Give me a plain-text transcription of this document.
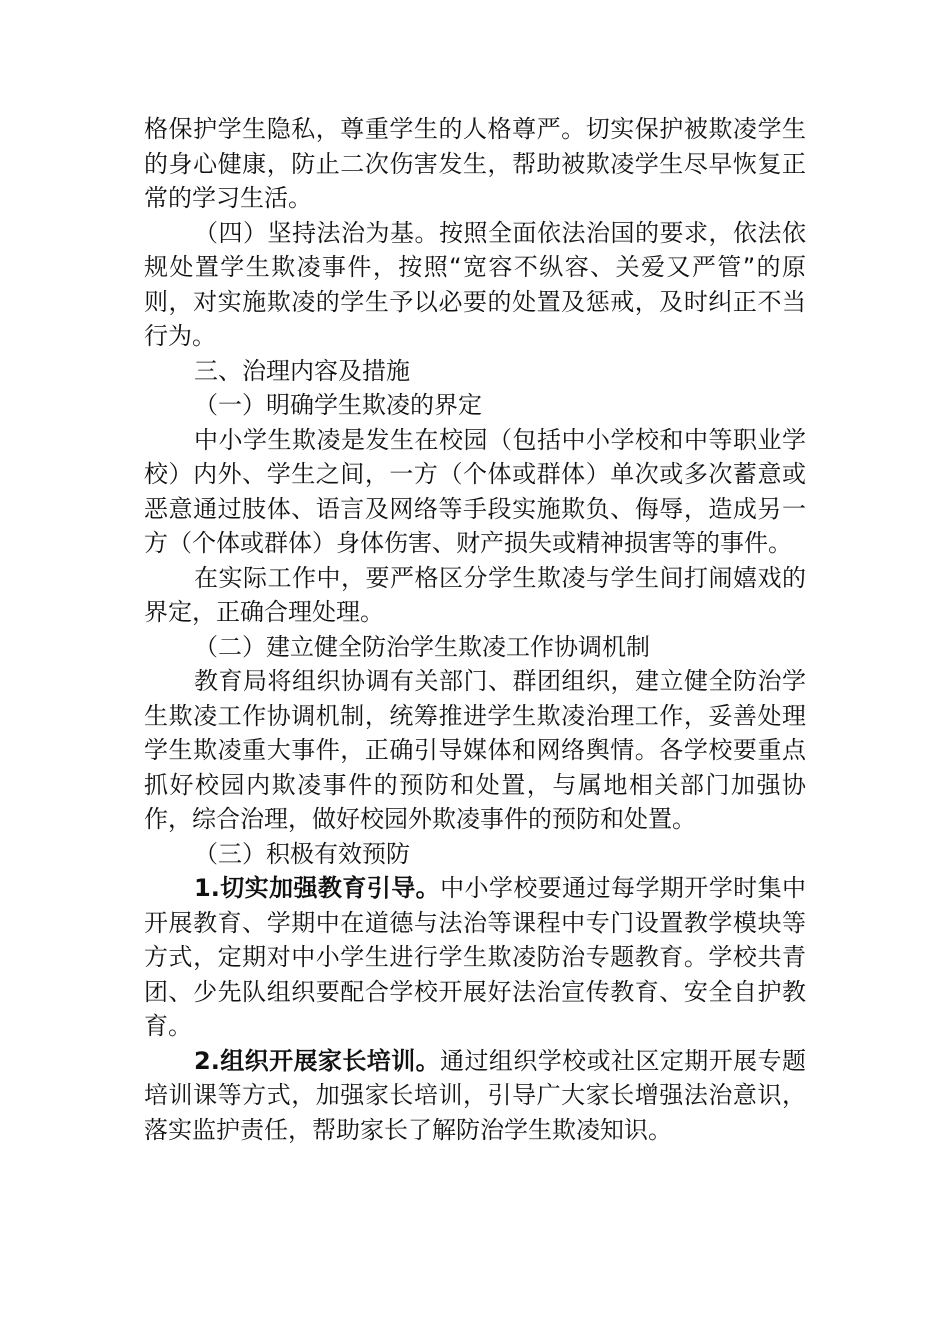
格保护学生隐私，尊重学生的人格尊严。切实保护被欺凌学生的身心健康，防止二次伤害发生，帮助被欺凌学生尽早恢复正常的学习生活。

（四）坚持法治为基。按照全面依法治国的要求，依法依规处置学生欺凌事件，按照“宽容不纵容、关爱又严管”的原则，对实施欺凌的学生予以必要的处置及惩戒，及时纠正不当行为。

三、治理内容及措施

（一）明确学生欺凌的界定

中小学生欺凌是发生在校园（包括中小学校和中等职业学校）内外、学生之间，一方（个体或群体）单次或多次蓄意或恶意通过肢体、语言及网络等手段实施欺负、侮辱，造成另一方（个体或群体）身体伤害、财产损失或精神损害等的事件。

在实际工作中，要严格区分学生欺凌与学生间打闹嬉戏的界定，正确合理处理。

（二）建立健全防治学生欺凌工作协调机制

教育局将组织协调有关部门、群团组织，建立健全防治学生欺凌工作协调机制，统筹推进学生欺凌治理工作，妥善处理学生欺凌重大事件，正确引导媒体和网络舆情。各学校要重点抓好校园内欺凌事件的预防和处置，与属地相关部门加强协作，综合治理，做好校园外欺凌事件的预防和处置。

（三）积极有效预防

1.切实加强教育引导。中小学校要通过每学期开学时集中开展教育、学期中在道德与法治等课程中专门设置教学模块等方式，定期对中小学生进行学生欺凌防治专题教育。学校共青团、少先队组织要配合学校开展好法治宣传教育、安全自护教育。

2.组织开展家长培训。通过组织学校或社区定期开展专题培训课等方式，加强家长培训，引导广大家长增强法治意识，落实监护责任，帮助家长了解防治学生欺凌知识。
